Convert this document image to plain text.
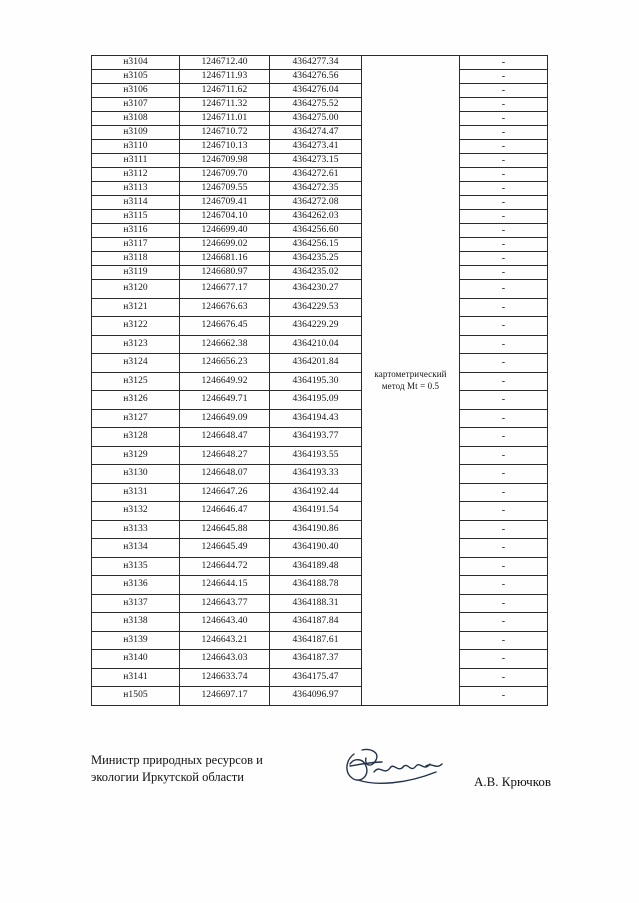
н3104	1246712.40	4364277.34	картометрический метод Mt = 0.5	-
н3105	1246711.93	4364276.56		-
н3106	1246711.62	4364276.04		-
н3107	1246711.32	4364275.52		-
н3108	1246711.01	4364275.00		-
н3109	1246710.72	4364274.47		-
н3110	1246710.13	4364273.41		-
н3111	1246709.98	4364273.15		-
н3112	1246709.70	4364272.61		-
н3113	1246709.55	4364272.35		-
н3114	1246709.41	4364272.08		-
н3115	1246704.10	4364262.03		-
н3116	1246699.40	4364256.60		-
н3117	1246699.02	4364256.15		-
н3118	1246681.16	4364235.25		-
н3119	1246680.97	4364235.02		-
н3120	1246677.17	4364230.27		-
н3121	1246676.63	4364229.53		-
н3122	1246676.45	4364229.29		-
н3123	1246662.38	4364210.04		-
н3124	1246656.23	4364201.84		-
н3125	1246649.92	4364195.30		-
н3126	1246649.71	4364195.09		-
н3127	1246649.09	4364194.43		-
н3128	1246648.47	4364193.77		-
н3129	1246648.27	4364193.55		-
н3130	1246648.07	4364193.33		-
н3131	1246647.26	4364192.44		-
н3132	1246646.47	4364191.54		-
н3133	1246645.88	4364190.86		-
н3134	1246645.49	4364190.40		-
н3135	1246644.72	4364189.48		-
н3136	1246644.15	4364188.78		-
н3137	1246643.77	4364188.31		-
н3138	1246643.40	4364187.84		-
н3139	1246643.21	4364187.61		-
н3140	1246643.03	4364187.37		-
н3141	1246633.74	4364175.47		-
н1505	1246697.17	4364096.97		-
Министр природных ресурсов и
экологии Иркутской области	А.В. Крючков
